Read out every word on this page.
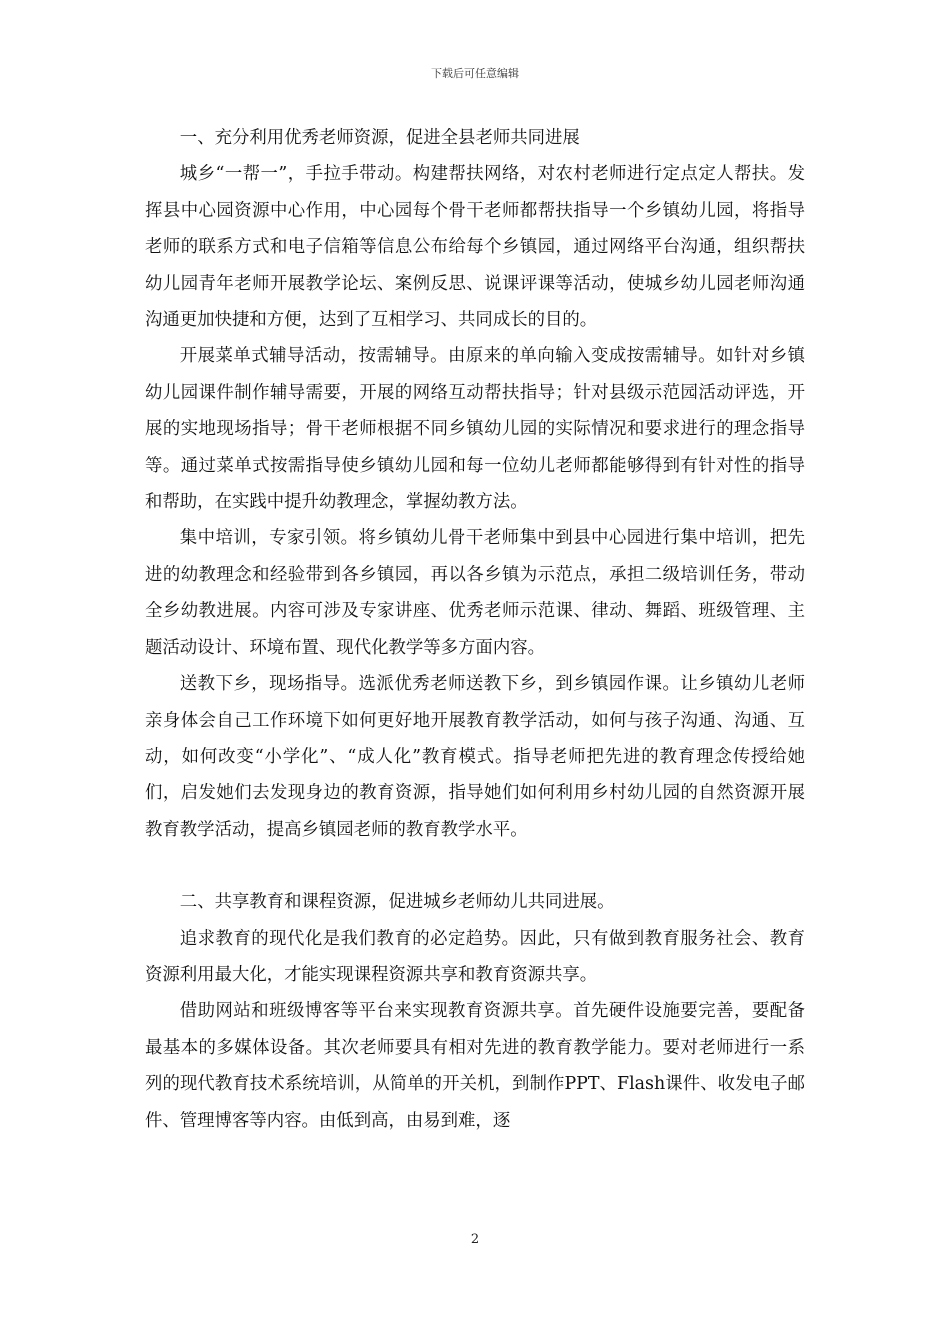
下载后可任意编辑

一、充分利用优秀老师资源，促进全县老师共同进展

城乡“一帮一”，手拉手带动。构建帮扶网络，对农村老师进行定点定人帮扶。发挥县中心园资源中心作用，中心园每个骨干老师都帮扶指导一个乡镇幼儿园，将指导老师的联系方式和电子信箱等信息公布给每个乡镇园，通过网络平台沟通，组织帮扶幼儿园青年老师开展教学论坛、案例反思、说课评课等活动，使城乡幼儿园老师沟通沟通更加快捷和方便，达到了互相学习、共同成长的目的。

开展菜单式辅导活动，按需辅导。由原来的单向输入变成按需辅导。如针对乡镇幼儿园课件制作辅导需要，开展的网络互动帮扶指导；针对县级示范园活动评选，开展的实地现场指导；骨干老师根据不同乡镇幼儿园的实际情况和要求进行的理念指导等。通过菜单式按需指导使乡镇幼儿园和每一位幼儿老师都能够得到有针对性的指导和帮助，在实践中提升幼教理念，掌握幼教方法。

集中培训，专家引领。将乡镇幼儿骨干老师集中到县中心园进行集中培训，把先进的幼教理念和经验带到各乡镇园，再以各乡镇为示范点，承担二级培训任务，带动全乡幼教进展。内容可涉及专家讲座、优秀老师示范课、律动、舞蹈、班级管理、主题活动设计、环境布置、现代化教学等多方面内容。

送教下乡，现场指导。选派优秀老师送教下乡，到乡镇园作课。让乡镇幼儿老师亲身体会自己工作环境下如何更好地开展教育教学活动，如何与孩子沟通、沟通、互动，如何改变“小学化”、“成人化”教育模式。指导老师把先进的教育理念传授给她们，启发她们去发现身边的教育资源，指导她们如何利用乡村幼儿园的自然资源开展教育教学活动，提高乡镇园老师的教育教学水平。

二、共享教育和课程资源，促进城乡老师幼儿共同进展。

追求教育的现代化是我们教育的必定趋势。因此，只有做到教育服务社会、教育资源利用最大化，才能实现课程资源共享和教育资源共享。

借助网站和班级博客等平台来实现教育资源共享。首先硬件设施要完善，要配备最基本的多媒体设备。其次老师要具有相对先进的教育教学能力。要对老师进行一系列的现代教育技术系统培训，从简单的开关机，到制作PPT、Flash课件、收发电子邮件、管理博客等内容。由低到高，由易到难，逐

2
